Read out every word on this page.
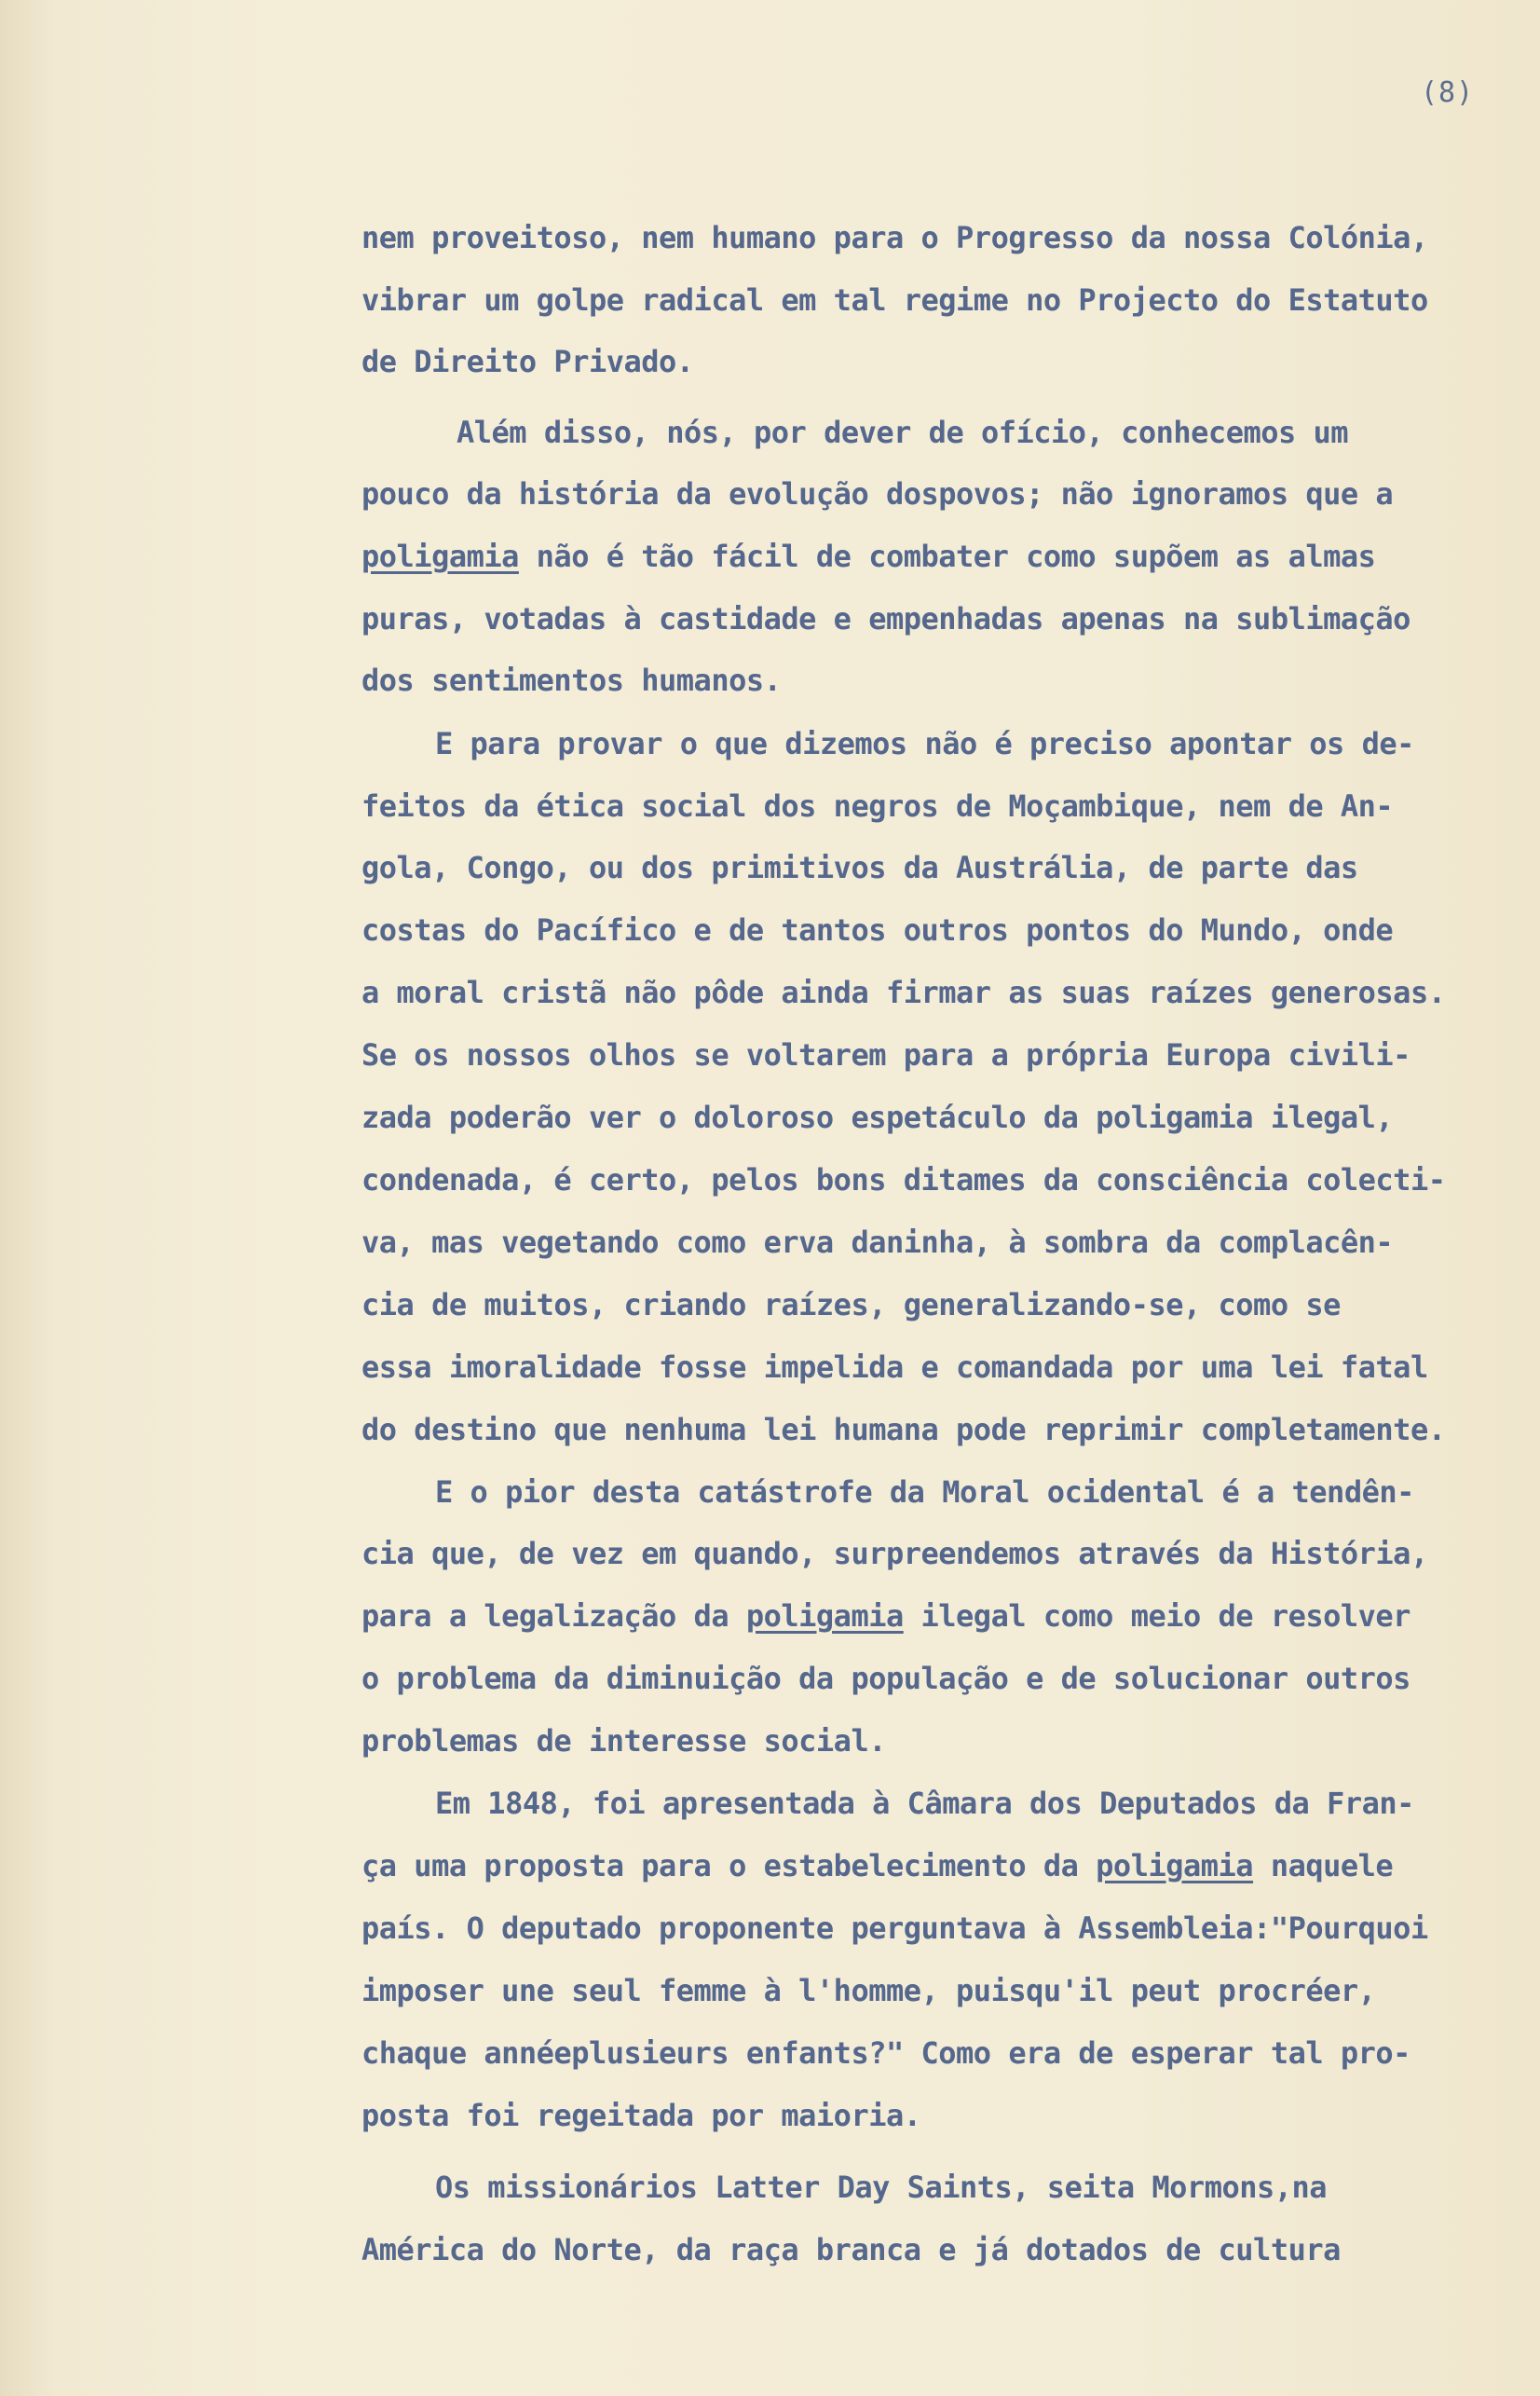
(8)
nem proveitoso, nem humano para o Progresso da nossa Colónia,
vibrar um golpe radical em tal regime no Projecto do Estatuto
de Direito Privado.
Além disso, nós, por dever de ofício, conhecemos um
pouco da história da evolução dospovos; não ignoramos que a
poligamia não é tão fácil de combater como supõem as almas
puras, votadas à castidade e empenhadas apenas na sublimação
dos sentimentos humanos.
E para provar o que dizemos não é preciso apontar os de-
feitos da ética social dos negros de Moçambique, nem de An-
gola, Congo, ou dos primitivos da Austrália, de parte das
costas do Pacífico e de tantos outros pontos do Mundo, onde
a moral cristã não pôde ainda firmar as suas raízes generosas.
Se os nossos olhos se voltarem para a própria Europa civili-
zada poderão ver o doloroso espetáculo da poligamia ilegal,
condenada, é certo, pelos bons ditames da consciência colecti-
va, mas vegetando como erva daninha, à sombra da complacên-
cia de muitos, criando raízes, generalizando-se, como se
essa imoralidade fosse impelida e comandada por uma lei fatal
do destino que nenhuma lei humana pode reprimir completamente.
E o pior desta catástrofe da Moral ocidental é a tendên-
cia que, de vez em quando, surpreendemos através da História,
para a legalização da poligamia ilegal como meio de resolver
o problema da diminuição da população e de solucionar outros
problemas de interesse social.
Em 1848, foi apresentada à Câmara dos Deputados da Fran-
ça uma proposta para o estabelecimento da poligamia naquele
país. O deputado proponente perguntava à Assembleia:"Pourquoi
imposer une seul femme à l'homme, puisqu'il peut procréer,
chaque annéeplusieurs enfants?" Como era de esperar tal pro-
posta foi regeitada por maioria.
Os missionários Latter Day Saints, seita Mormons,na
América do Norte, da raça branca e já dotados de cultura
